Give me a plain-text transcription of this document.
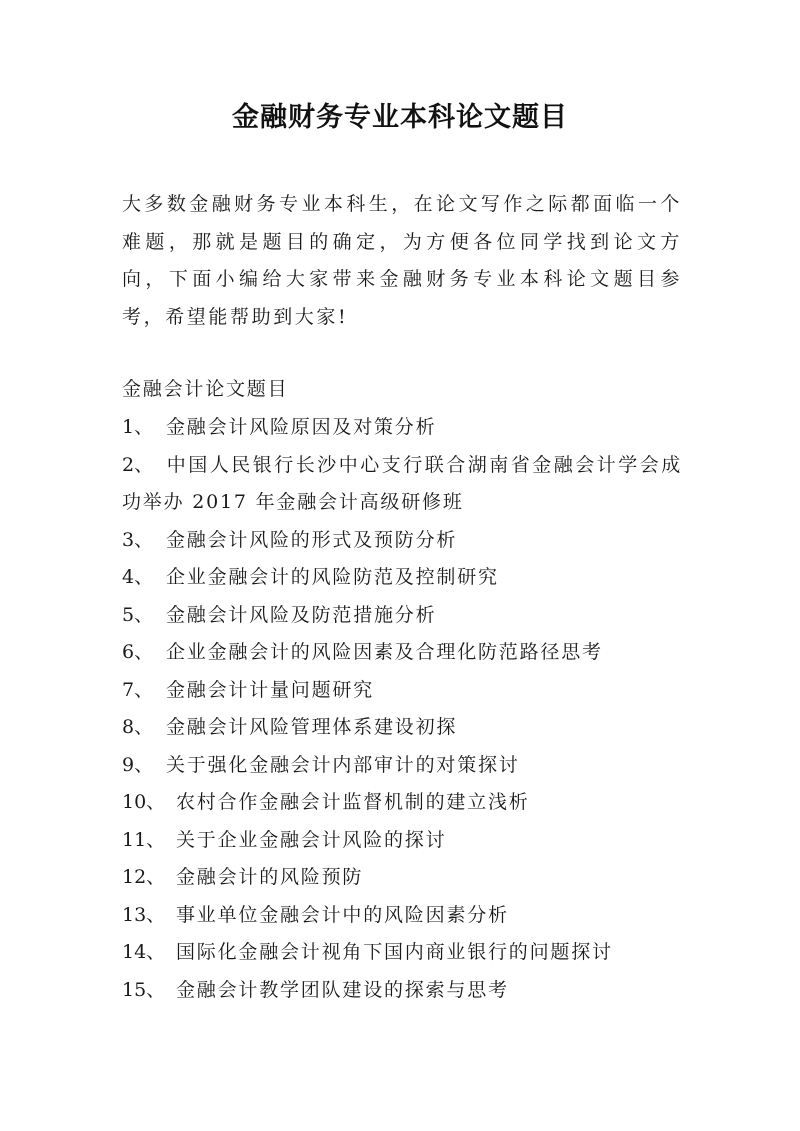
金融财务专业本科论文题目
大多数金融财务专业本科生，在论文写作之际都面临一个难题，那就是题目的确定，为方便各位同学找到论文方向，下面小编给大家带来金融财务专业本科论文题目参考，希望能帮助到大家!
金融会计论文题目
1、 金融会计风险原因及对策分析
2、 中国人民银行长沙中心支行联合湖南省金融会计学会成功举办 2017 年金融会计高级研修班
3、 金融会计风险的形式及预防分析
4、 企业金融会计的风险防范及控制研究
5、 金融会计风险及防范措施分析
6、 企业金融会计的风险因素及合理化防范路径思考
7、 金融会计计量问题研究
8、 金融会计风险管理体系建设初探
9、 关于强化金融会计内部审计的对策探讨
10、 农村合作金融会计监督机制的建立浅析
11、 关于企业金融会计风险的探讨
12、 金融会计的风险预防
13、 事业单位金融会计中的风险因素分析
14、 国际化金融会计视角下国内商业银行的问题探讨
15、 金融会计教学团队建设的探索与思考
